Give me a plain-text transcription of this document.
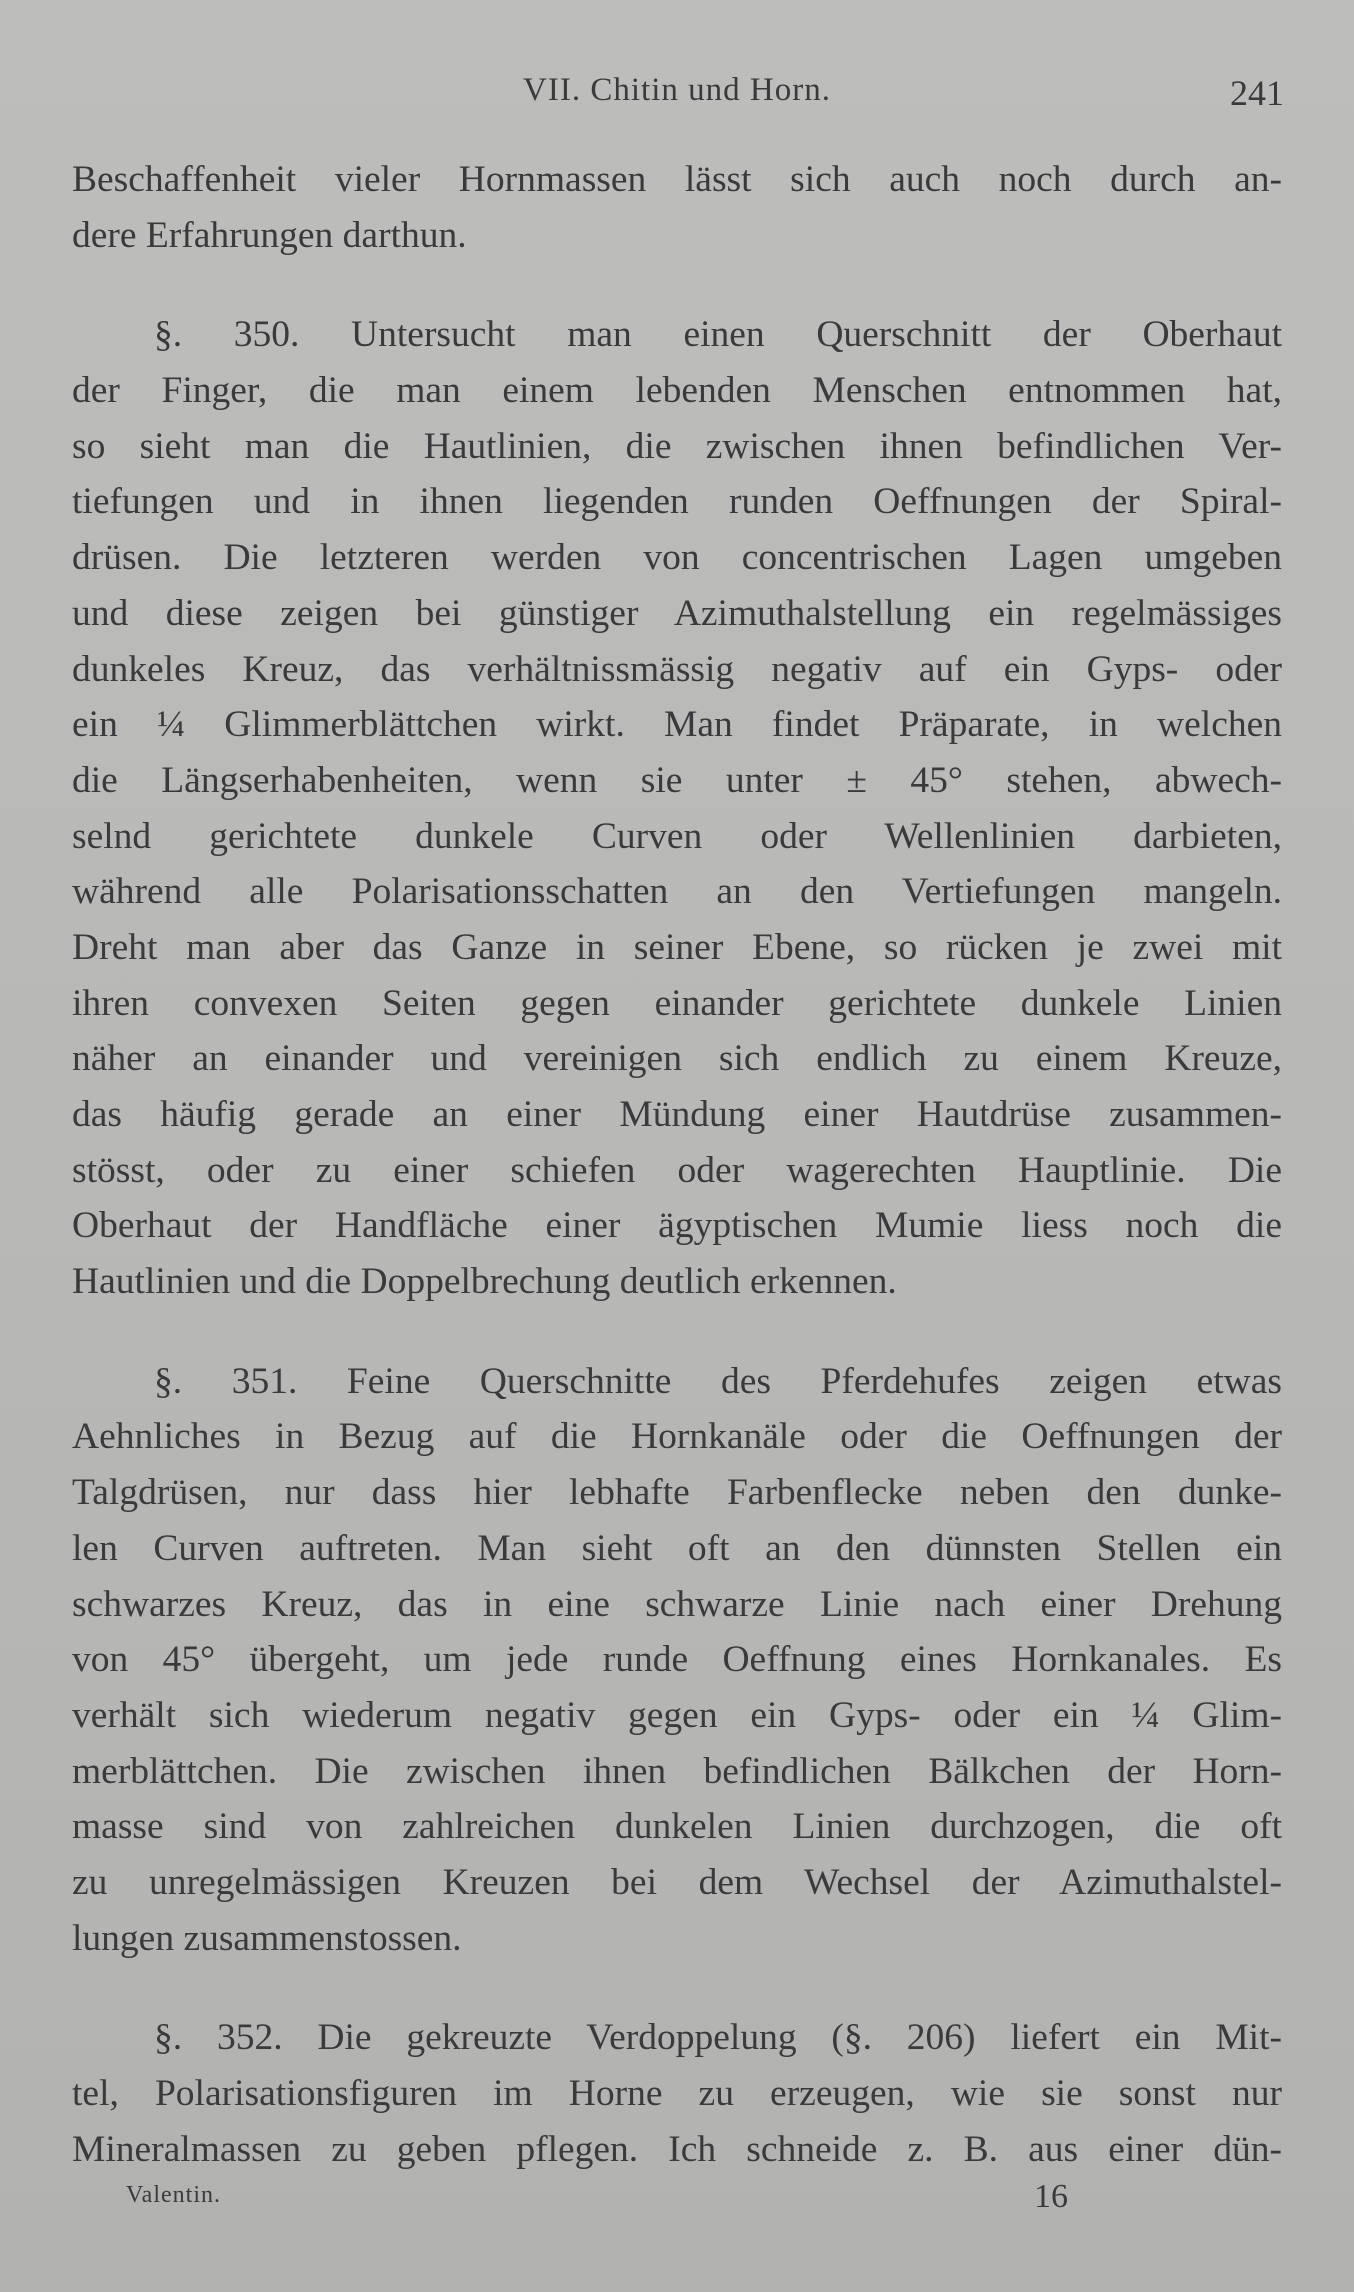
VII. Chitin und Horn.	241
Beschaffenheit vieler Hornmassen lässt sich auch noch durch an-
dere Erfahrungen darthun.
§. 350. Untersucht man einen Querschnitt der Oberhaut
der Finger, die man einem lebenden Menschen entnommen hat,
so sieht man die Hautlinien, die zwischen ihnen befindlichen Ver-
tiefungen und in ihnen liegenden runden Oeffnungen der Spiral-
drüsen. Die letzteren werden von concentrischen Lagen umgeben
und diese zeigen bei günstiger Azimuthalstellung ein regelmässiges
dunkeles Kreuz, das verhältnissmässig negativ auf ein Gyps- oder
ein ¼ Glimmerblättchen wirkt. Man findet Präparate, in welchen
die Längserhabenheiten, wenn sie unter ± 45° stehen, abwech-
selnd gerichtete dunkele Curven oder Wellenlinien darbieten,
während alle Polarisationsschatten an den Vertiefungen mangeln.
Dreht man aber das Ganze in seiner Ebene, so rücken je zwei mit
ihren convexen Seiten gegen einander gerichtete dunkele Linien
näher an einander und vereinigen sich endlich zu einem Kreuze,
das häufig gerade an einer Mündung einer Hautdrüse zusammen-
stösst, oder zu einer schiefen oder wagerechten Hauptlinie. Die
Oberhaut der Handfläche einer ägyptischen Mumie liess noch die
Hautlinien und die Doppelbrechung deutlich erkennen.
§. 351. Feine Querschnitte des Pferdehufes zeigen etwas
Aehnliches in Bezug auf die Hornkanäle oder die Oeffnungen der
Talgdrüsen, nur dass hier lebhafte Farbenflecke neben den dunke-
len Curven auftreten. Man sieht oft an den dünnsten Stellen ein
schwarzes Kreuz, das in eine schwarze Linie nach einer Drehung
von 45° übergeht, um jede runde Oeffnung eines Hornkanales. Es
verhält sich wiederum negativ gegen ein Gyps- oder ein ¼ Glim-
merblättchen. Die zwischen ihnen befindlichen Bälkchen der Horn-
masse sind von zahlreichen dunkelen Linien durchzogen, die oft
zu unregelmässigen Kreuzen bei dem Wechsel der Azimuthalstel-
lungen zusammenstossen.
§. 352. Die gekreuzte Verdoppelung (§. 206) liefert ein Mit-
tel, Polarisationsfiguren im Horne zu erzeugen, wie sie sonst nur
Mineralmassen zu geben pflegen. Ich schneide z. B. aus einer dün-
Valentin.	16
